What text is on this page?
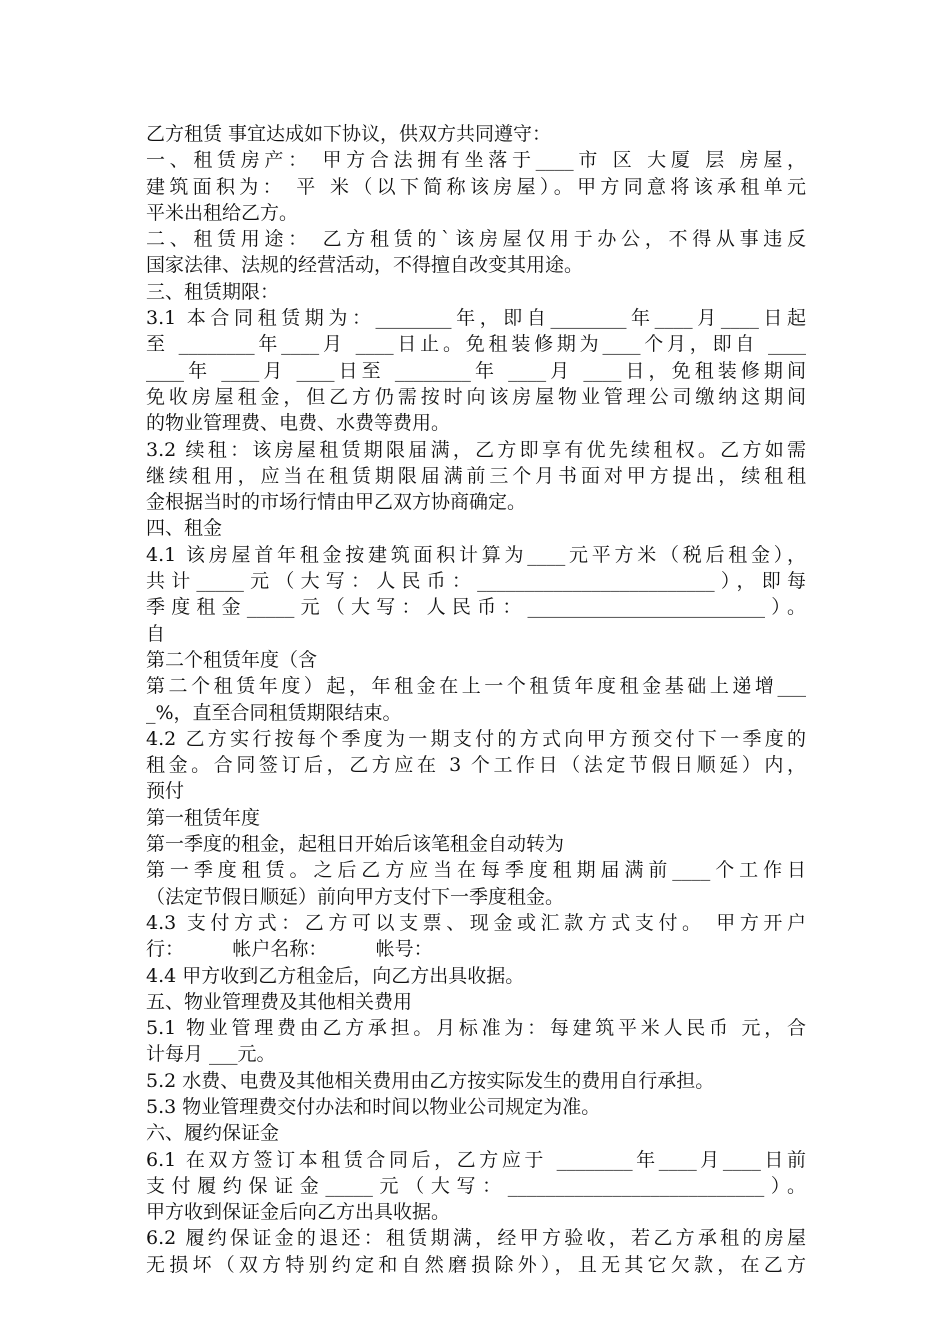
乙方租赁 事宜达成如下协议，供双方共同遵守：
一、租赁房产： 甲方合法拥有坐落于____市 区 大厦 层 房屋，
建筑面积为： 平 米（以下简称该房屋）。甲方同意将该承租单元
平米出租给乙方。
二、租赁用途： 乙方租赁的`该房屋仅用于办公，不得从事违反
国家法律、法规的经营活动，不得擅自改变其用途。
三、租赁期限：
3.1 本合同租赁期为：________年，即自________年____月____日起
至 ________年____月 ____日止。免租装修期为____个月，即自 ____
____年 ____月 ____日至 ________年 ____月 ____日，免租装修期间
免收房屋租金，但乙方仍需按时向该房屋物业管理公司缴纳这期间
的物业管理费、电费、水费等费用。
3.2 续租：该房屋租赁期限届满，乙方即享有优先续租权。乙方如需
继续租用，应当在租赁期限届满前三个月书面对甲方提出，续租租
金根据当时的市场行情由甲乙双方协商确定。
四、租金
4.1 该房屋首年租金按建筑面积计算为____元平方米（税后租金），
共计_____元（大写：人民币：_________________________），即每
季度租金_____元（大写：人民币：_________________________）。
自
第二个租赁年度（含
第二个租赁年度）起，年租金在上一个租赁年度租金基础上递增___
_%，直至合同租赁期限结束。
4.2 乙方实行按每个季度为一期支付的方式向甲方预交付下一季度的
租金。合同签订后，乙方应在 3 个工作日（法定节假日顺延）内，
预付
第一租赁年度
第一季度的租金，起租日开始后该笔租金自动转为
第一季度租赁。之后乙方应当在每季度租期届满前____个工作日
（法定节假日顺延）前向甲方支付下一季度租金。
4.3 支付方式：乙方可以支票、现金或汇款方式支付。 甲方开户
行：        帐户名称：        帐号：
4.4 甲方收到乙方租金后，向乙方出具收据。
五、物业管理费及其他相关费用
5.1 物业管理费由乙方承担。月标准为：每建筑平米人民币 元，合
计每月 ___元。
5.2 水费、电费及其他相关费用由乙方按实际发生的费用自行承担。
5.3 物业管理费交付办法和时间以物业公司规定为准。
六、履约保证金
6.1 在双方签订本租赁合同后，乙方应于 ________年____月____日前
支付履约保证金_____元（大写：___________________________）。
甲方收到保证金后向乙方出具收据。
6.2 履约保证金的退还：租赁期满，经甲方验收，若乙方承租的房屋
无损坏（双方特别约定和自然磨损除外），且无其它欠款，在乙方
